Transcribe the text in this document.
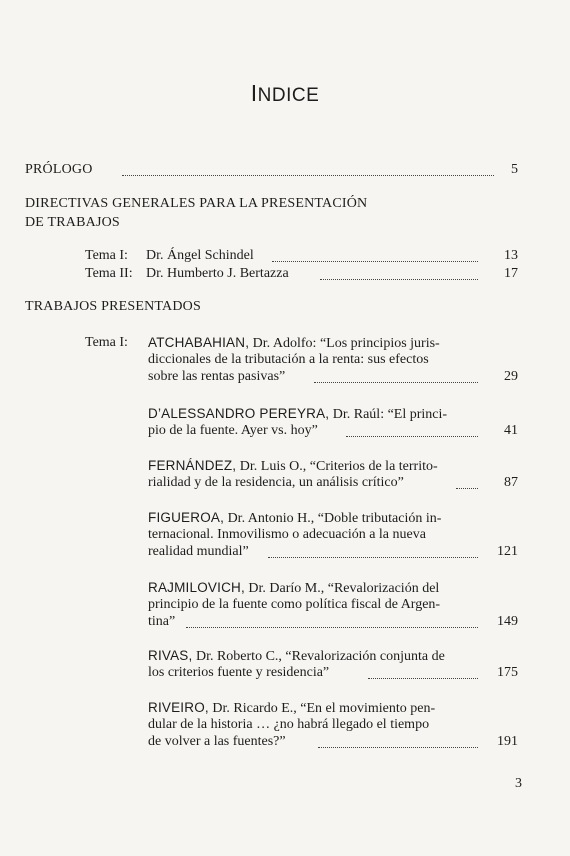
INDICE
PRÓLOGO	5
DIRECTIVAS GENERALES PARA LA PRESENTACIÓN
DE TRABAJOS
Tema I: Dr. Ángel Schindel	13
Tema II: Dr. Humberto J. Bertazza	17
TRABAJOS PRESENTADOS
Tema I: ATCHABAHIAN, Dr. Adolfo: “Los principios juris-
diccionales de la tributación a la renta: sus efectos
sobre las rentas pasivas”	29
D’ALESSANDRO PEREYRA, Dr. Raúl: “El princi-
pio de la fuente. Ayer vs. hoy”	41
FERNÁNDEZ, Dr. Luis O., “Criterios de la territo-
rialidad y de la residencia, un análisis crítico”	87
FIGUEROA, Dr. Antonio H., “Doble tributación in-
ternacional. Inmovilismo o adecuación a la nueva
realidad mundial”	121
RAJMILOVICH, Dr. Darío M., “Revalorización del
principio de la fuente como política fiscal de Argen-
tina”	149
RIVAS, Dr. Roberto C., “Revalorización conjunta de
los criterios fuente y residencia”	175
RIVEIRO, Dr. Ricardo E., “En el movimiento pen-
dular de la historia … ¿no habrá llegado el tiempo
de volver a las fuentes?”	191
3
